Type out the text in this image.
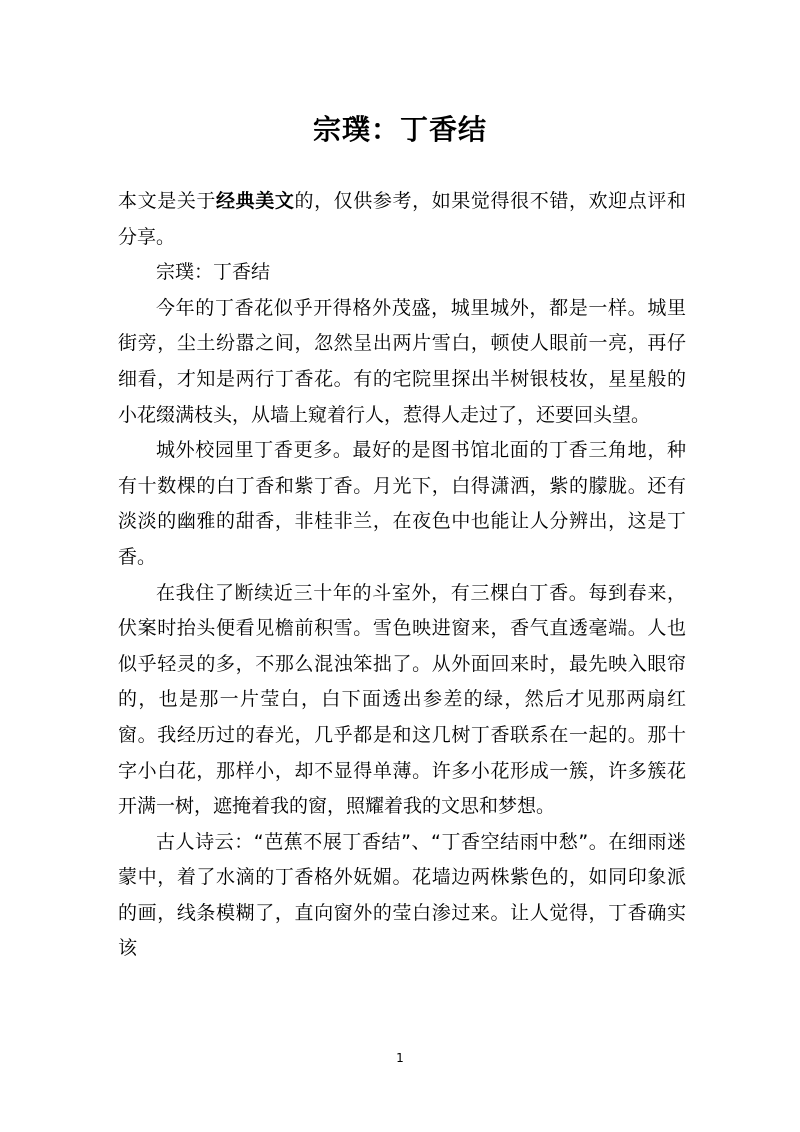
宗璞：丁香结

本文是关于经典美文的，仅供参考，如果觉得很不错，欢迎点评和分享。

宗璞：丁香结

今年的丁香花似乎开得格外茂盛，城里城外，都是一样。城里街旁，尘土纷嚣之间，忽然呈出两片雪白，顿使人眼前一亮，再仔细看，才知是两行丁香花。有的宅院里探出半树银枝妆，星星般的小花缀满枝头，从墙上窥着行人，惹得人走过了，还要回头望。

城外校园里丁香更多。最好的是图书馆北面的丁香三角地，种有十数棵的白丁香和紫丁香。月光下，白得潇洒，紫的朦胧。还有淡淡的幽雅的甜香，非桂非兰，在夜色中也能让人分辨出，这是丁香。

在我住了断续近三十年的斗室外，有三棵白丁香。每到春来，伏案时抬头便看见檐前积雪。雪色映进窗来，香气直透毫端。人也似乎轻灵的多，不那么混浊笨拙了。从外面回来时，最先映入眼帘的，也是那一片莹白，白下面透出参差的绿，然后才见那两扇红窗。我经历过的春光，几乎都是和这几树丁香联系在一起的。那十字小白花，那样小，却不显得单薄。许多小花形成一簇，许多簇花开满一树，遮掩着我的窗，照耀着我的文思和梦想。

古人诗云：“芭蕉不展丁香结”、“丁香空结雨中愁”。在细雨迷蒙中，着了水滴的丁香格外妩媚。花墙边两株紫色的，如同印象派的画，线条模糊了，直向窗外的莹白渗过来。让人觉得，丁香确实该

1
